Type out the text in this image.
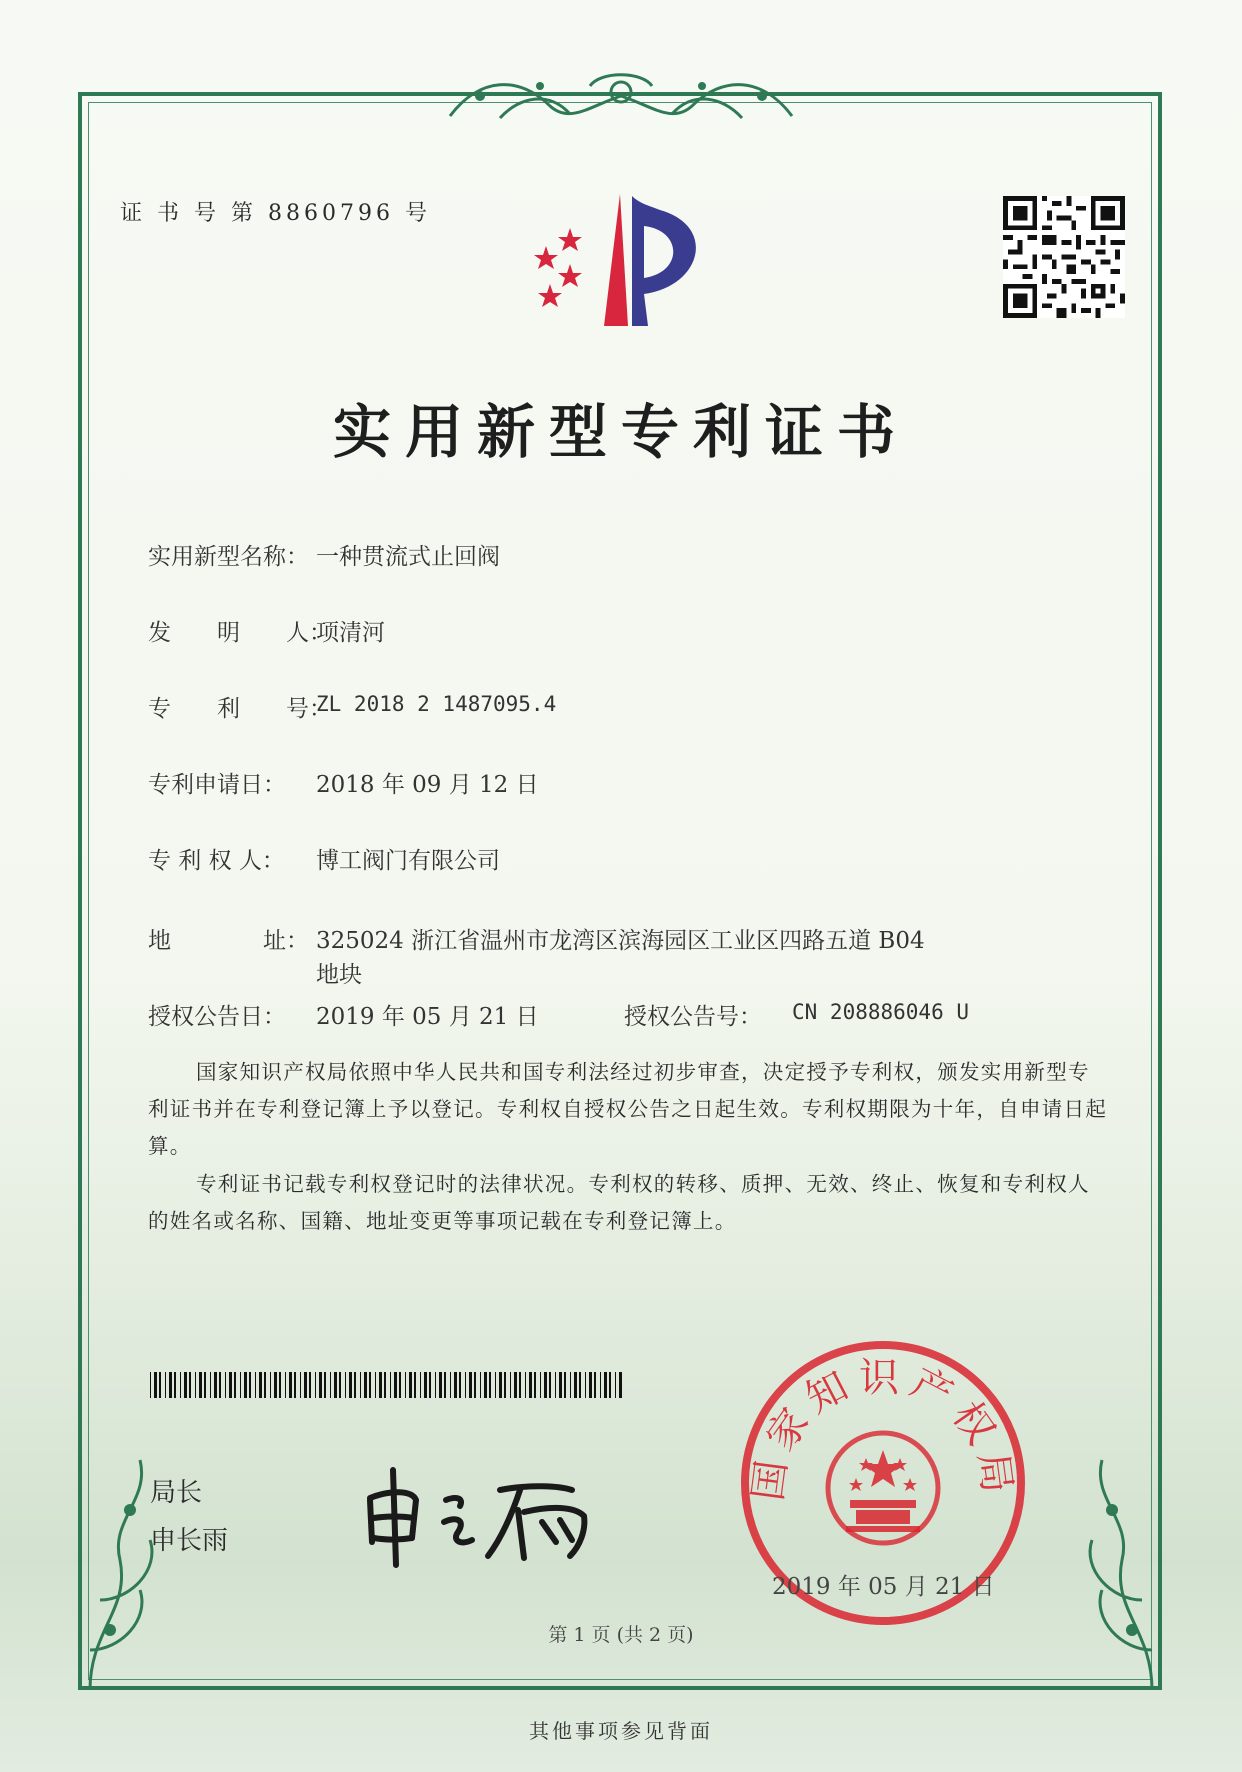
证 书 号 第 8860796 号
实用新型专利证书
实用新型名称： 一种贯流式止回阀
发　　明　　人：
项清河
专　　利　　号：
ZL 2018 2 1487095.4
专利申请日： 2018 年 09 月 12 日
专 利 权 人： 博工阀门有限公司
地　　　　址： 325024 浙江省温州市龙湾区滨海园区工业区四路五道 B04
地块
授权公告日： 2019 年 05 月 21 日	授权公告号： CN 208886046 U
国家知识产权局依照中华人民共和国专利法经过初步审查，决定授予专利权，颁发实用新型专利证书并在专利登记簿上予以登记。专利权自授权公告之日起生效。专利权期限为十年，自申请日起算。
专利证书记载专利权登记时的法律状况。专利权的转移、质押、无效、终止、恢复和专利权人的姓名或名称、国籍、地址变更等事项记载在专利登记簿上。
局长
申长雨
国家知识产权局
2019 年 05 月 21 日
第 1 页 (共 2 页)
其他事项参见背面
